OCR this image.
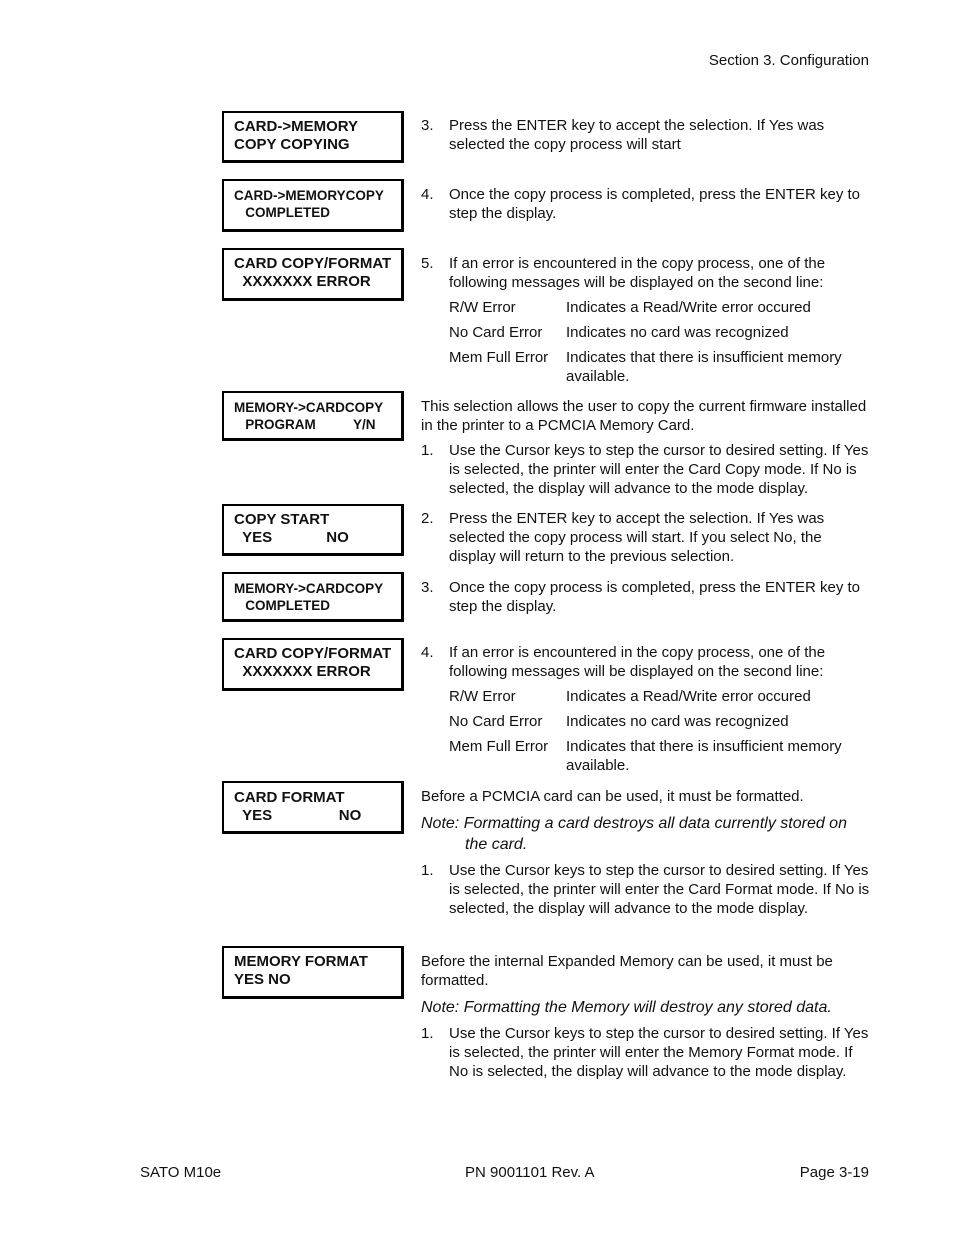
Section 3. Configuration
CARD->MEMORY
COPY COPYING
CARD->MEMORYCOPY
COMPLETED
CARD COPY/FORMAT
XXXXXXX ERROR
MEMORY->CARDCOPY
PROGRAM          Y/N
COPY START
YES             NO
MEMORY->CARDCOPY
COMPLETED
CARD COPY/FORMAT
XXXXXXX ERROR
CARD FORMAT
YES                NO
MEMORY FORMAT
YES NO
3. Press the ENTER key to accept the selection. If Yes was selected the copy process will start
4. Once the copy process is completed, press the ENTER key to step the display.
5. If an error is encountered in the copy process, one of the following messages will be displayed on the second line:
R/W Error	Indicates a Read/Write error occured
No Card Error	Indicates no card was recognized
Mem Full Error	Indicates that there is insufficient memory available.
This selection allows the user to copy the current firmware installed in the printer to a PCMCIA Memory Card.
1. Use the Cursor keys to step the cursor to desired setting. If Yes is selected, the printer will enter the Card Copy mode. If No is selected, the display will advance to the mode display.
2. Press the ENTER key to accept the selection. If Yes was selected the copy process will start. If you select No, the display will return to the previous selection.
3. Once the copy process is completed, press the ENTER key to step the display.
4. If an error is encountered in the copy process, one of the following messages will be displayed on the second line:
R/W Error	Indicates a Read/Write error occured
No Card Error	Indicates no card was recognized
Mem Full Error	Indicates that there is insufficient memory available.
Before a PCMCIA card can be used, it must be formatted.
Note: Formatting a card destroys all data currently stored on the card.
1. Use the Cursor keys to step the cursor to desired setting. If Yes is selected, the printer will enter the Card Format mode. If No is selected, the display will advance to the mode display.
Before the internal Expanded Memory can be used, it must be formatted.
Note: Formatting the Memory will destroy any stored data.
1. Use the Cursor keys to step the cursor to desired setting. If Yes is selected, the printer will enter the Memory Format mode. If No is selected, the display will advance to the mode display.
SATO M10e	PN 9001101 Rev. A	Page 3-19
